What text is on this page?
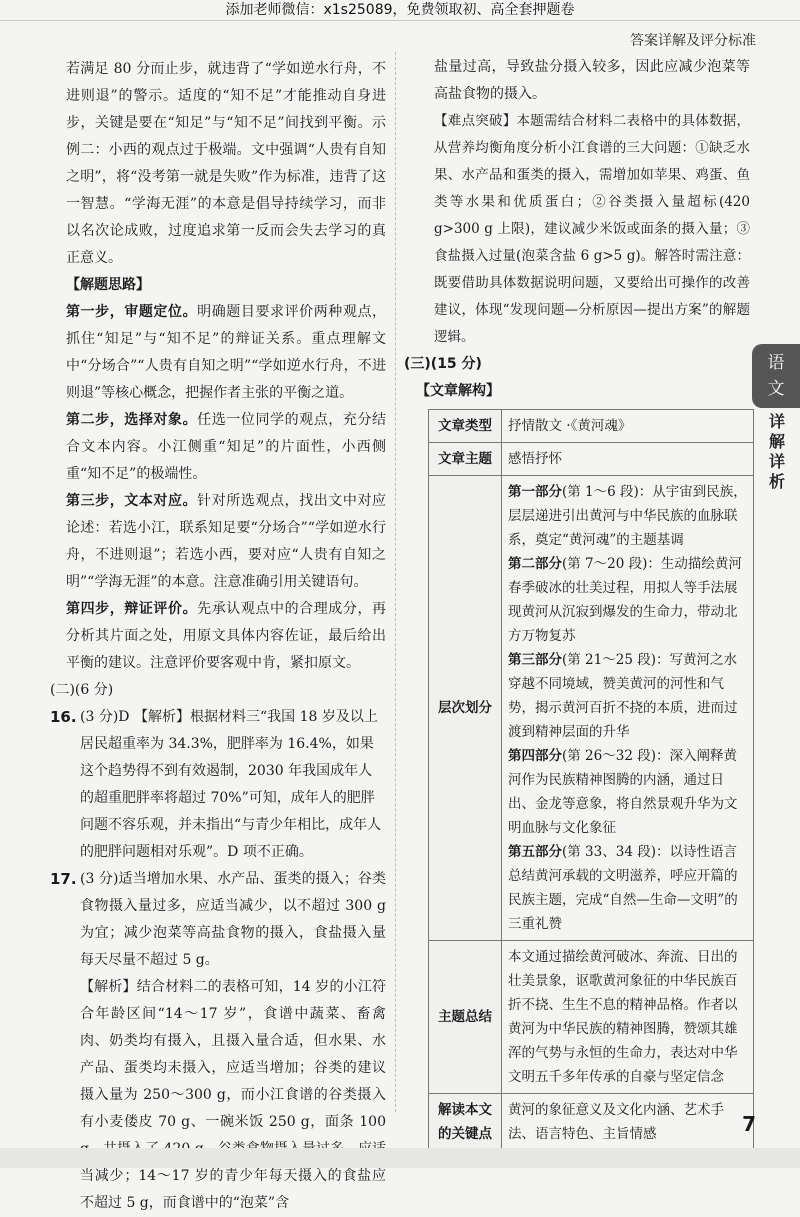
添加老师微信：x1s25089，免费领取初、高全套押题卷
答案详解及评分标准

若满足 80 分而止步，就违背了“学如逆水行舟，不进则退”的警示。适度的“知不足”才能推动自身进步，关键是要在“知足”与“知不足”间找到平衡。示例二：小西的观点过于极端。文中强调“人贵有自知之明”，将“没考第一就是失败”作为标准，违背了这一智慧。“学海无涯”的本意是倡导持续学习，而非以名次论成败，过度追求第一反而会失去学习的真正意义。

【解题思路】

第一步，审题定位。明确题目要求评价两种观点，抓住“知足”与“知不足”的辩证关系。重点理解文中“分场合”“人贵有自知之明”“学如逆水行舟，不进则退”等核心概念，把握作者主张的平衡之道。

第二步，选择对象。任选一位同学的观点，充分结合文本内容。小江侧重“知足”的片面性，小西侧重“知不足”的极端性。

第三步，文本对应。针对所选观点，找出文中对应论述：若选小江，联系知足要“分场合”“学如逆水行舟，不进则退”；若选小西，要对应“人贵有自知之明”“学海无涯”的本意。注意准确引用关键语句。

第四步，辩证评价。先承认观点中的合理成分，再分析其片面之处，用原文具体内容佐证，最后给出平衡的建议。注意评价要客观中肯，紧扣原文。

(二)(6 分)

16. (3 分)D 【解析】根据材料三“我国 18 岁及以上居民超重率为 34.3%，肥胖率为 16.4%，如果这个趋势得不到有效遏制，2030 年我国成年人的超重肥胖率将超过 70%”可知，成年人的肥胖问题不容乐观，并未指出“与青少年相比，成年人的肥胖问题相对乐观”。D 项不正确。
17. (3 分)适当增加水果、水产品、蛋类的摄入；谷类食物摄入量过多，应适当减少，以不超过 300 g 为宜；减少泡菜等高盐食物的摄入，食盐摄入量每天尽量不超过 5 g。

【解析】结合材料二的表格可知，14 岁的小江符合年龄区间“14～17 岁”，食谱中蔬菜、畜禽肉、奶类均有摄入，且摄入量合适，但水果、水产品、蛋类均未摄入，应适当增加；谷类的建议摄入量为 250～300 g，而小江食谱的谷类摄入有小麦偻皮 70 g、一碗米饭 250 g，面条 100 当减少；14～17 岁的青少年每天摄入的食盐应不超过 5 g，而食谱中的“泡菜”含

盐量过高，导致盐分摄入较多，因此应减少泡菜等高盐食物的摄入。

【难点突破】本题需结合材料二表格中的具体数据，从营养均衡角度分析小江食谱的三大问题：①缺乏水果、水产品和蛋类的摄入，需增加如苹果、鸡蛋、鱼类等水果和优质蛋白；②谷类摄入量超标(420 g>300 g 上限)，建议减少米饭或面条的摄入量；③食盐摄入过量(泡菜含盐 6 g>5 g)。解答时需注意：既要借助具体数据说明问题，又要给出可操作的改善建议，体现“发现问题—分析原因—提出方案”的解题逻辑。

(三)(15 分)

【文章解构】

文章类型	抒情散文 ·《黄河魂》
文章主题	感悟抒怀
层次划分	第一部分(第 1～6 段)：从宇宙到民族，层层递进引出黄河与中华民族的血脉联系，奠定“黄河魂”的主题基调
第二部分(第 7～20 段)：生动描绘黄河春季破冰的壮美过程，用拟人等手法展现黄河从沉寂到爆发的生命力，带动北方万物复苏
第三部分(第 21～25 段)：写黄河之水穿越不同境域，赞美黄河的河性和气势，揭示黄河百折不挠的本质，进而过渡到精神层面的升华
第四部分(第 26～32 段)：深入阐释黄河作为民族精神图腾的内涵，通过日出、金龙等意象，将自然景观升华为文明血脉与文化象征
第五部分(第 33、34 段)：以诗性语言总结黄河承载的文明滋养，呼应开篇的民族主题，完成“自然—生命—文明”的三重礼赞

主题总结	本文通过描绘黄河破冰、奔流、日出的壮美景象，讴歌黄河象征的中华民族百折不挠、生生不息的精神品格。作者以黄河为中华民族的精神图腾，赞颂其雄浑的气势与永恒的生命力，表达对中华文明五千多年传承的自豪与坚定信念
解读本文的关键点	黄河的象征意义及文化内涵、艺术手法、语言特色、主旨情感
语
文
详
解
详
析
7
